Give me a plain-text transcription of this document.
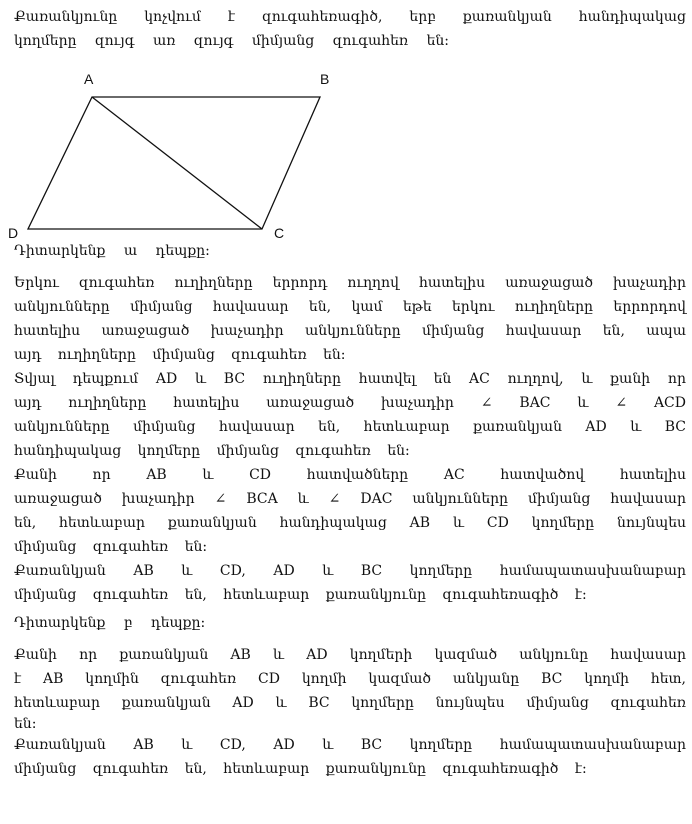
Քառանկյունը կոչվում է զուգահեռագիծ, երբ քառանկյան հանդիպակաց
կողմերը զույգ առ զույգ միմյանց զուգահեռ են:
A	B
C
D
Դիտարկենք ա դեպքը:
Երկու զուգահեռ ուղիղները երրորդ ուղղով հատելիս առաջացած խաչադիր
անկյունները միմյանց հավասար են, կամ եթե երկու ուղիղները երրորդով
հատելիս առաջացած խաչադիր անկյունները միմյանց հավասար են, ապա
այդ ուղիղները միմյանց զուգահեռ են:
Տվյալ դեպքում AD և BC ուղիղները հատվել են AC ուղղով, և քանի որ
այդ ուղիղները հատելիս առաջացած խաչադիր ∠ BAC և ∠ ACD
անկյունները միմյանց հավասար են, հետևաբար քառանկյան AD և BC
հանդիպակաց կողմերը միմյանց զուգահեռ են:
Քանի որ AB և CD հատվածները AC հատվածով հատելիս
առաջացած խաչադիր ∠ BCA և ∠ DAC անկյունները միմյանց հավասար
են, հետևաբար քառանկյան հանդիպակաց AB և CD կողմերը նույնպես
միմյանց զուգահեռ են:
Քառանկյան AB և CD, AD և BC կողմերը համապատասխանաբար
միմյանց զուգահեռ են, հետևաբար քառանկյունը զուգահեռագիծ է:
Դիտարկենք բ դեպքը:
Քանի որ քառանկյան AB և AD կողմերի կազմած անկյունը հավասար
է AB կողմին զուգահեռ CD կողմի կազմած անկյանը BC կողմի հետ,
հետևաբար քառանկյան AD և BC կողմերը նույնպես միմյանց զուգահեռ
են:
Քառանկյան AB և CD, AD և BC կողմերը համապատասխանաբար
միմյանց զուգահեռ են, հետևաբար քառանկյունը զուգահեռագիծ է:
